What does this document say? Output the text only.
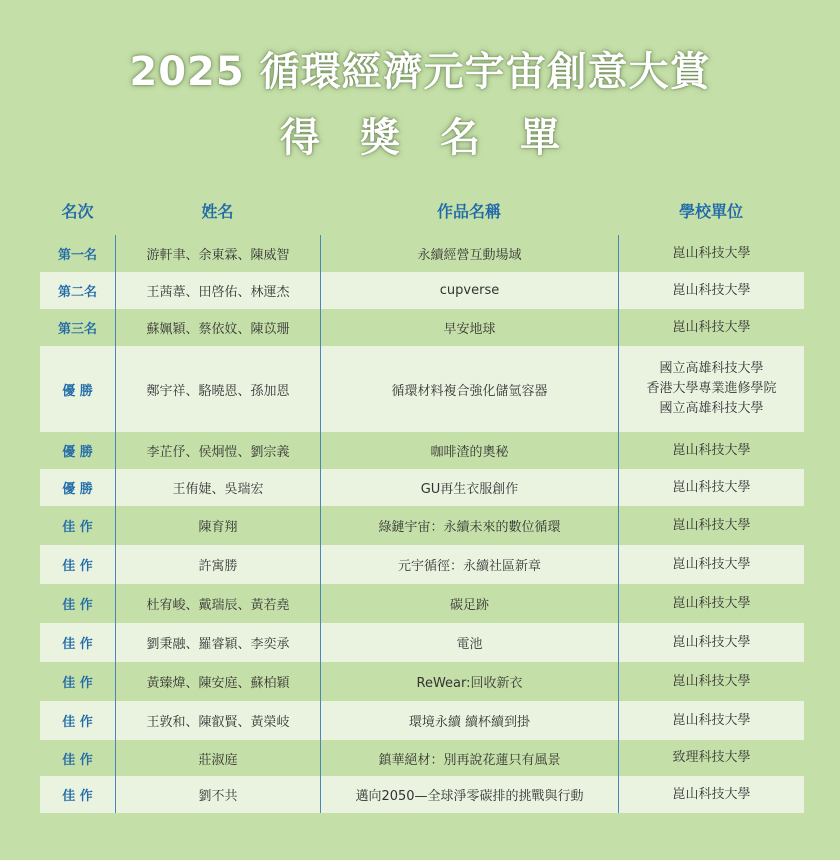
2025 循環經濟元宇宙創意大賞
得獎名單
名次	姓名	作品名稱	學校單位
第一名	游軒聿、余東霖、陳威智	永續經營互動場域	崑山科技大學
第二名	王茜葦、田啓佑、林運杰	cupverse	崑山科技大學
第三名	蘇姵穎、蔡依妏、陳苡珊	早安地球	崑山科技大學
優 勝	鄭宇祥、駱曉恩、孫加恩	循環材料複合強化儲氫容器
國立高雄科技大學
香港大學專業進修學院
國立高雄科技大學
優 勝	李芷伃、侯炯愷、劉宗義	咖啡渣的奧秘	崑山科技大學
優 勝	王侑婕、吳瑞宏	GU再生衣服創作	崑山科技大學
佳 作	陳育翔	綠鏈宇宙：永續未來的數位循環	崑山科技大學
佳 作	許寓勝	元宇循徑：永續社區新章	崑山科技大學
佳 作	杜宥峻、戴瑞辰、黃若堯	碳足跡	崑山科技大學
佳 作	劉秉融、羅睿穎、李奕承	電池	崑山科技大學
佳 作	黃臻煒、陳安庭、蘇柏穎	ReWear:回收新衣	崑山科技大學
佳 作	王敦和、陳叡賢、黃榮岐	環境永續 續杯續到掛	崑山科技大學
佳 作	莊淑庭	鎮華絕材：別再說花蓮只有風景	致理科技大學
佳 作	劉不共	邁向2050—全球淨零碳排的挑戰與行動	崑山科技大學
